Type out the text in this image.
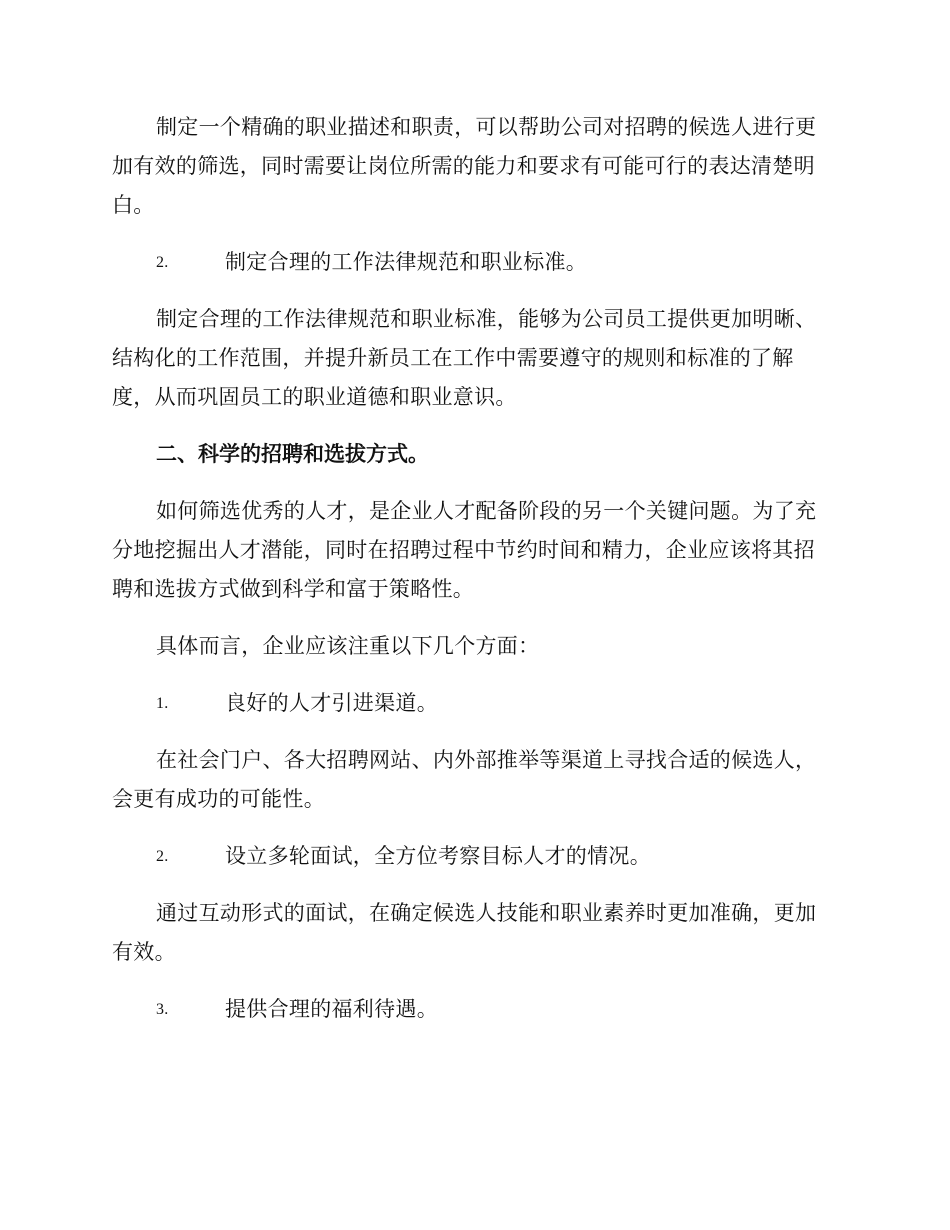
制定一个精确的职业描述和职责，可以帮助公司对招聘的候选人进行更加有效的筛选，同时需要让岗位所需的能力和要求有可能可行的表达清楚明白。

2.	制定合理的工作法律规范和职业标准。

制定合理的工作法律规范和职业标准，能够为公司员工提供更加明晰、结构化的工作范围，并提升新员工在工作中需要遵守的规则和标准的了解度，从而巩固员工的职业道德和职业意识。

二、科学的招聘和选拔方式。

如何筛选优秀的人才，是企业人才配备阶段的另一个关键问题。为了充分地挖掘出人才潜能，同时在招聘过程中节约时间和精力，企业应该将其招聘和选拔方式做到科学和富于策略性。

具体而言，企业应该注重以下几个方面：

1.	良好的人才引进渠道。

在社会门户、各大招聘网站、内外部推举等渠道上寻找合适的候选人，会更有成功的可能性。

2.	设立多轮面试，全方位考察目标人才的情况。

通过互动形式的面试，在确定候选人技能和职业素养时更加准确，更加有效。

3.	提供合理的福利待遇。
